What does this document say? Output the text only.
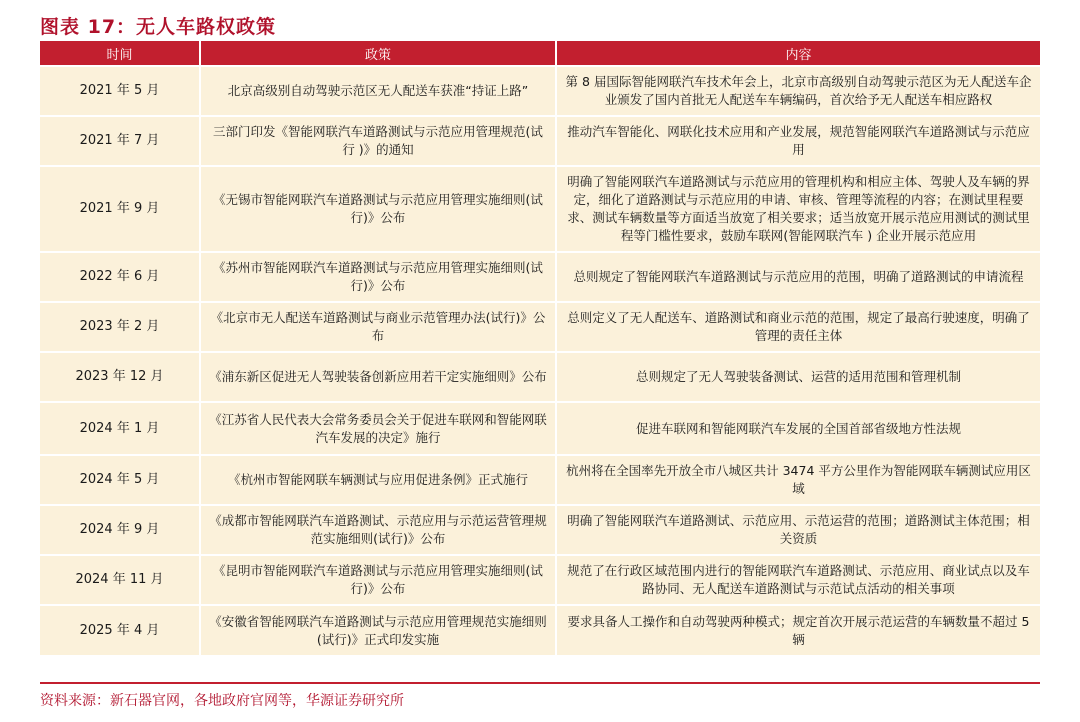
图表 17：无人车路权政策
时间	政策	内容
2021 年 5 月	北京高级别自动驾驶示范区无人配送车获准“持证上路”	第 8 届国际智能网联汽车技术年会上，北京市高级别自动驾驶示范区为无人配送车企业颁发了国内首批无人配送车车辆编码，首次给予无人配送车相应路权
2021 年 7 月	三部门印发《智能网联汽车道路测试与示范应用管理规范(试行 )》的通知	推动汽车智能化、网联化技术应用和产业发展，规范智能网联汽车道路测试与示范应用
2021 年 9 月	《无锡市智能网联汽车道路测试与示范应用管理实施细则(试行)》公布	明确了智能网联汽车道路测试与示范应用的管理机构和相应主体、驾驶人及车辆的界定，细化了道路测试与示范应用的申请、审核、管理等流程的内容；在测试里程要求、测试车辆数量等方面适当放宽了相关要求；适当放宽开展示范应用测试的测试里程等门槛性要求，鼓励车联网(智能网联汽车 ) 企业开展示范应用
2022 年 6 月	《苏州市智能网联汽车道路测试与示范应用管理实施细则(试行)》公布	总则规定了智能网联汽车道路测试与示范应用的范围，明确了道路测试的申请流程
2023 年 2 月	《北京市无人配送车道路测试与商业示范管理办法(试行)》公布	总则定义了无人配送车、道路测试和商业示范的范围，规定了最高行驶速度，明确了管理的责任主体
2023 年 12 月	《浦东新区促进无人驾驶装备创新应用若干定实施细则》公布	总则规定了无人驾驶装备测试、运营的适用范围和管理机制
2024 年 1 月	《江苏省人民代表大会常务委员会关于促进车联网和智能网联汽车发展的决定》施行	促进车联网和智能网联汽车发展的全国首部省级地方性法规
2024 年 5 月	《杭州市智能网联车辆测试与应用促进条例》正式施行	杭州将在全国率先开放全市八城区共计 3474 平方公里作为智能网联车辆测试应用区域
2024 年 9 月	《成都市智能网联汽车道路测试、示范应用与示范运营管理规范实施细则(试行)》公布	明确了智能网联汽车道路测试、示范应用、示范运营的范围；道路测试主体范围；相关资质
2024 年 11 月	《昆明市智能网联汽车道路测试与示范应用管理实施细则(试行)》公布	规范了在行政区域范围内进行的智能网联汽车道路测试、示范应用、商业试点以及车路协同、无人配送车道路测试与示范试点活动的相关事项
2025 年 4 月	《安徽省智能网联汽车道路测试与示范应用管理规范实施细则(试行)》正式印发实施	要求具备人工操作和自动驾驶两种模式；规定首次开展示范运营的车辆数量不超过 5 辆
资料来源：新石器官网，各地政府官网等，华源证券研究所
